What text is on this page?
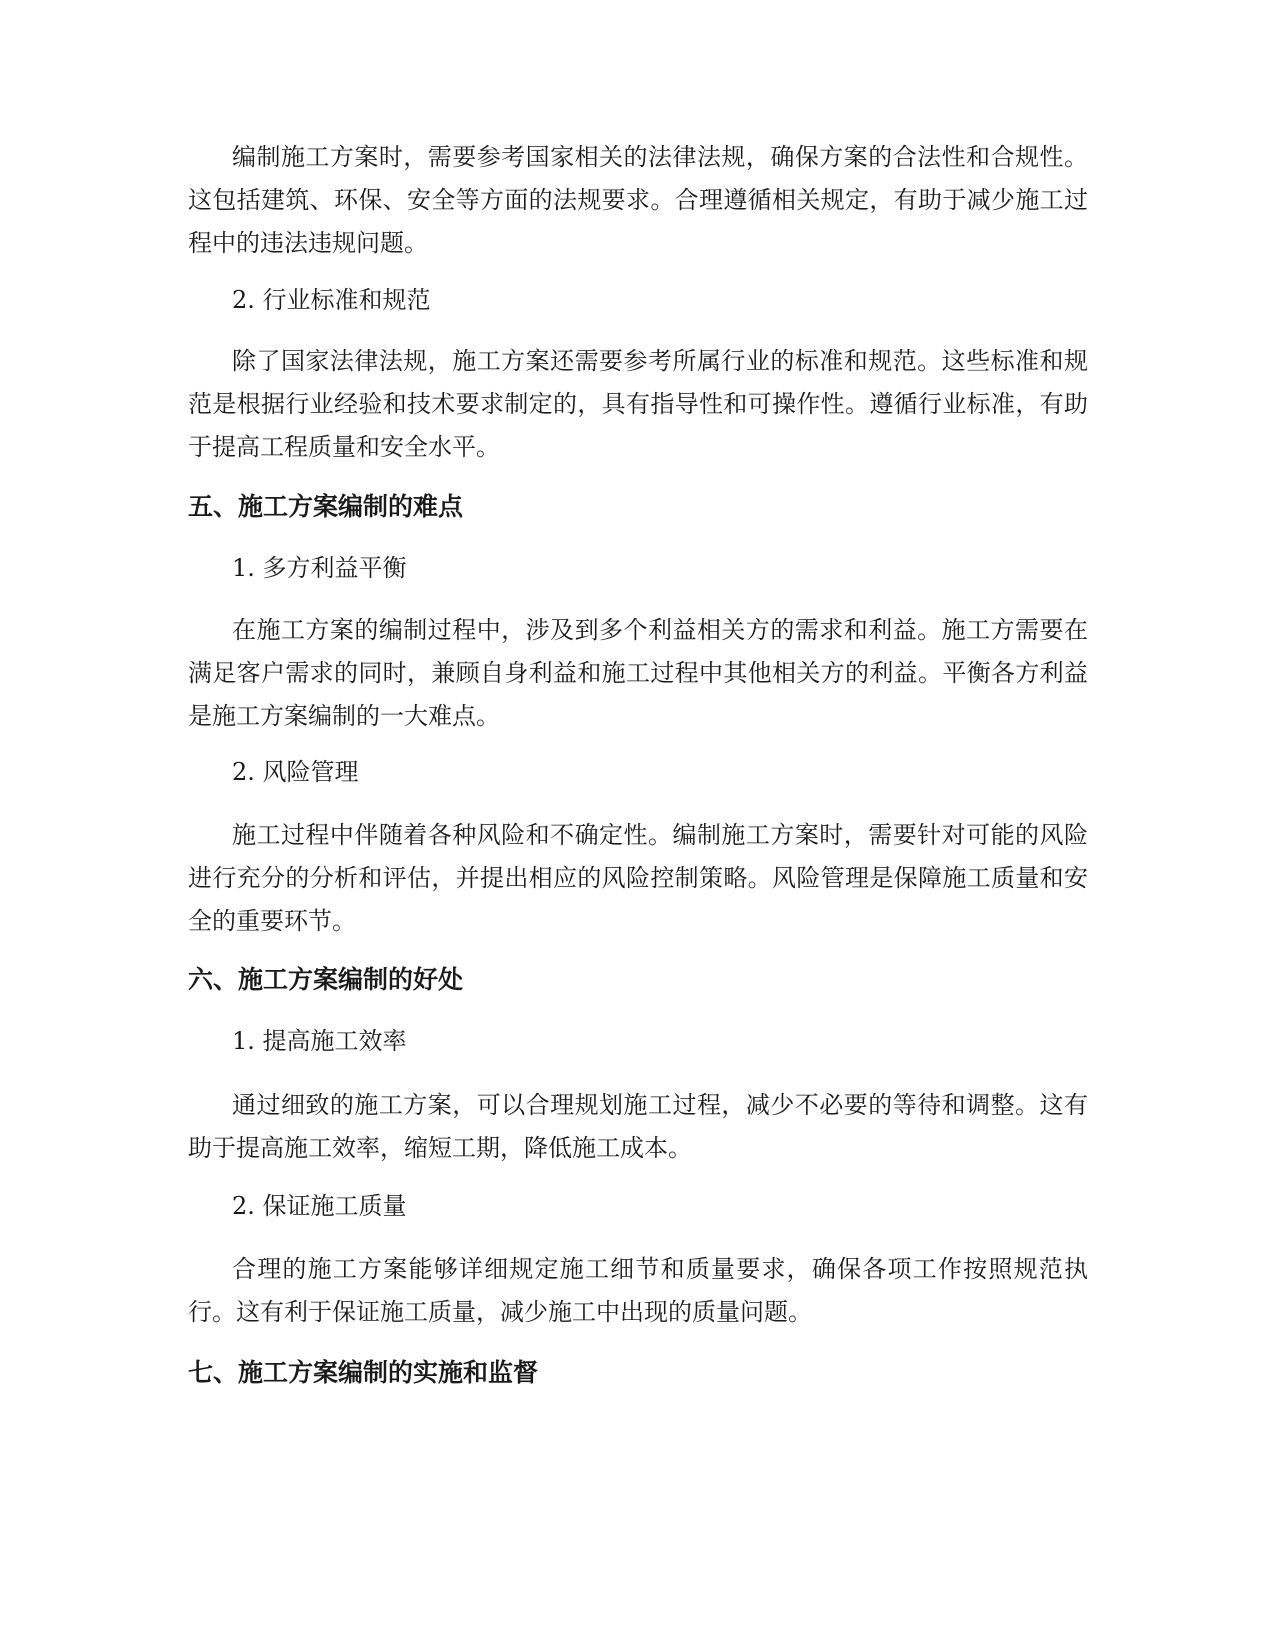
编制施工方案时，需要参考国家相关的法律法规，确保方案的合法性和合规性。这包括建筑、环保、安全等方面的法规要求。合理遵循相关规定，有助于减少施工过程中的违法违规问题。

2. 行业标准和规范

除了国家法律法规，施工方案还需要参考所属行业的标准和规范。这些标准和规范是根据行业经验和技术要求制定的，具有指导性和可操作性。遵循行业标准，有助于提高工程质量和安全水平。

五、施工方案编制的难点

1. 多方利益平衡

在施工方案的编制过程中，涉及到多个利益相关方的需求和利益。施工方需要在满足客户需求的同时，兼顾自身利益和施工过程中其他相关方的利益。平衡各方利益是施工方案编制的一大难点。

2. 风险管理

施工过程中伴随着各种风险和不确定性。编制施工方案时，需要针对可能的风险进行充分的分析和评估，并提出相应的风险控制策略。风险管理是保障施工质量和安全的重要环节。

六、施工方案编制的好处

1. 提高施工效率

通过细致的施工方案，可以合理规划施工过程，减少不必要的等待和调整。这有助于提高施工效率，缩短工期，降低施工成本。

2. 保证施工质量

合理的施工方案能够详细规定施工细节和质量要求，确保各项工作按照规范执行。这有利于保证施工质量，减少施工中出现的质量问题。

七、施工方案编制的实施和监督
